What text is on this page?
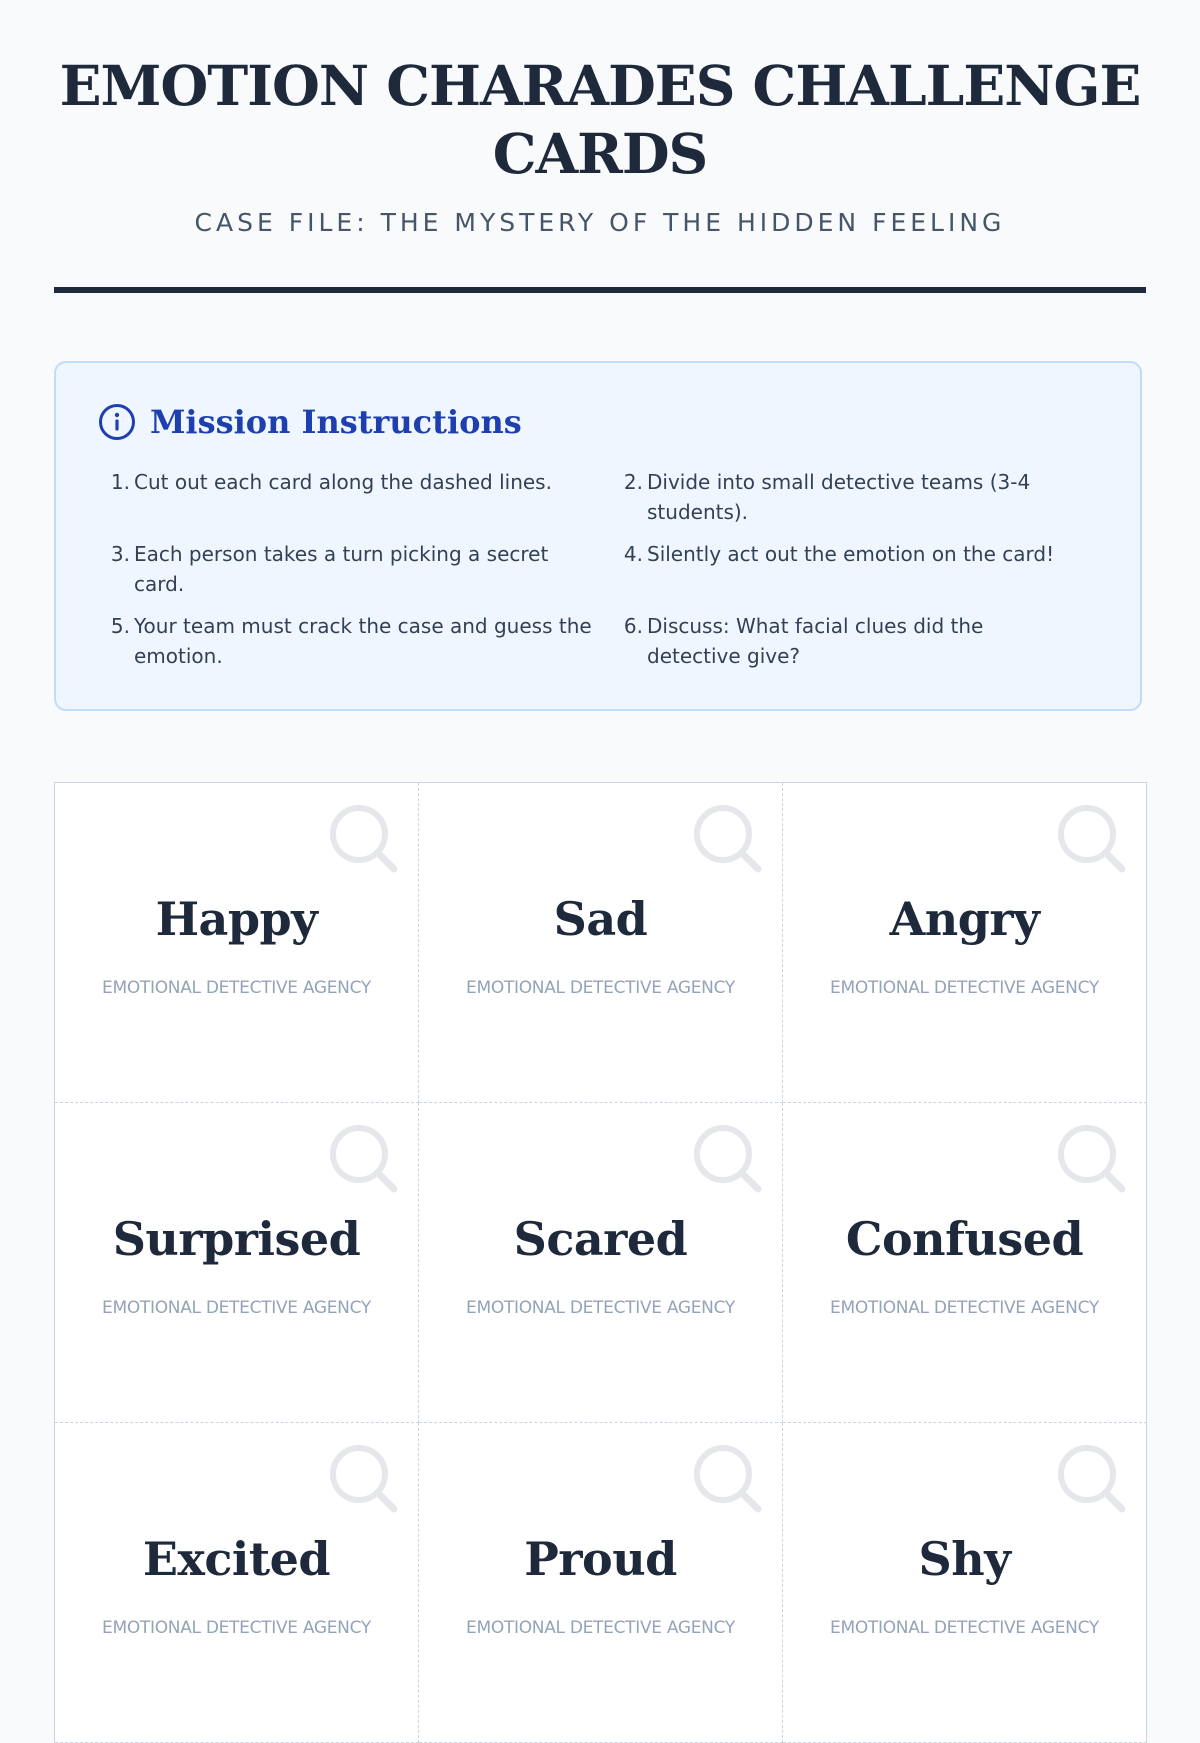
EMOTION CHARADES CHALLENGE CARDS
CASE FILE: THE MYSTERY OF THE HIDDEN FEELING
Mission Instructions
1. Cut out each card along the dashed lines.	2. Divide into small detective teams (3-4 students).
3. Each person takes a turn picking a secret card.
4. Silently act out the emotion on the card!
5. Your team must crack the case and guess the emotion.
6. Discuss: What facial clues did the detective give?
Happy
EMOTIONAL DETECTIVE AGENCY
Sad
EMOTIONAL DETECTIVE AGENCY
Angry
EMOTIONAL DETECTIVE AGENCY
Surprised
EMOTIONAL DETECTIVE AGENCY
Scared
EMOTIONAL DETECTIVE AGENCY
Confused
EMOTIONAL DETECTIVE AGENCY
Excited
EMOTIONAL DETECTIVE AGENCY
Proud
EMOTIONAL DETECTIVE AGENCY
Shy
EMOTIONAL DETECTIVE AGENCY
